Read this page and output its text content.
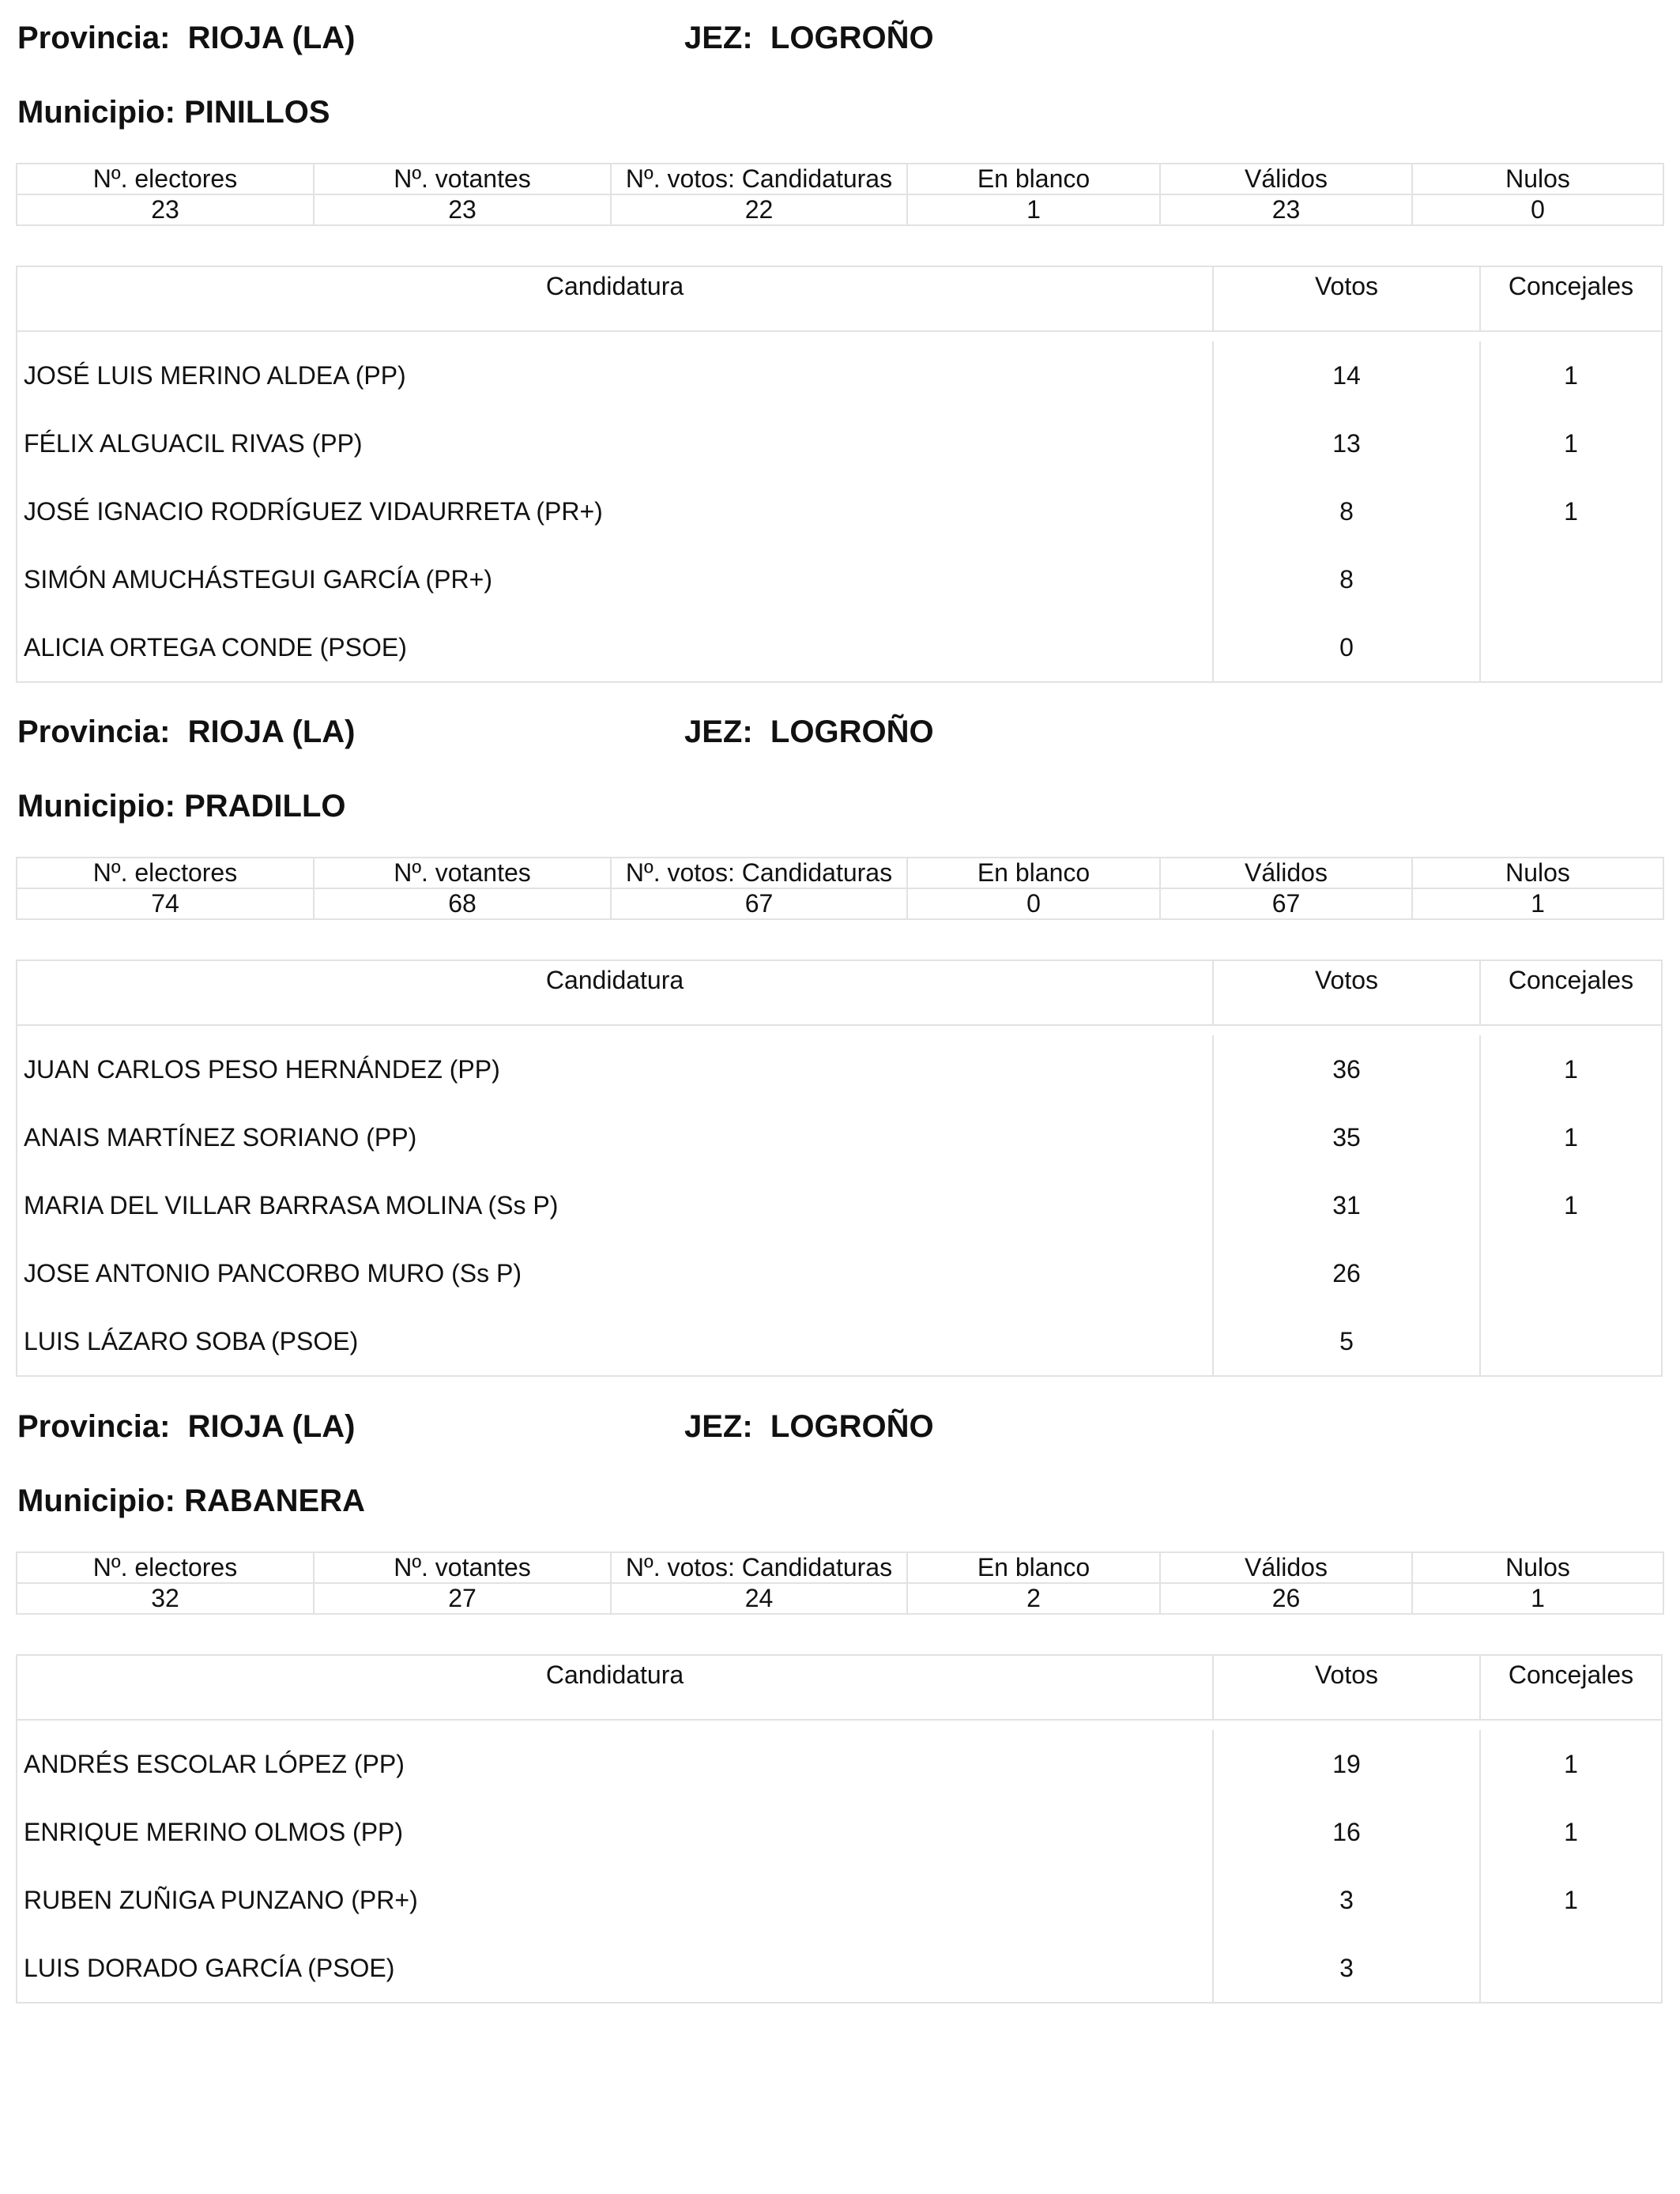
Provincia: RIOJA (LA)	JEZ: LOGROÑO
Municipio: PINILLOS
Nº. electores	Nº. votantes	Nº. votos: Candidaturas	En blanco	Válidos	Nulos
23	23	22	1	23	0
Candidatura	Votos	Concejales
JOSÉ LUIS MERINO ALDEA (PP)	14	1
FÉLIX ALGUACIL RIVAS (PP)	13	1
JOSÉ IGNACIO RODRÍGUEZ VIDAURRETA (PR+)	8	1
SIMÓN AMUCHÁSTEGUI GARCÍA (PR+)	8
ALICIA ORTEGA CONDE (PSOE)	0
Provincia: RIOJA (LA)	JEZ: LOGROÑO
Municipio: PRADILLO
Nº. electores	Nº. votantes	Nº. votos: Candidaturas	En blanco	Válidos	Nulos
74	68	67	0	67	1
Candidatura	Votos	Concejales
JUAN CARLOS PESO HERNÁNDEZ (PP)	36	1
ANAIS MARTÍNEZ SORIANO (PP)	35	1
MARIA DEL VILLAR BARRASA MOLINA (Ss P)	31	1
JOSE ANTONIO PANCORBO MURO (Ss P)	26
LUIS LÁZARO SOBA (PSOE)	5
Provincia: RIOJA (LA)	JEZ: LOGROÑO
Municipio: RABANERA
Nº. electores	Nº. votantes	Nº. votos: Candidaturas	En blanco	Válidos	Nulos
32	27	24	2	26	1
Candidatura	Votos	Concejales
ANDRÉS ESCOLAR LÓPEZ (PP)	19	1
ENRIQUE MERINO OLMOS (PP)	16	1
RUBEN ZUÑIGA PUNZANO (PR+)	3	1
LUIS DORADO GARCÍA (PSOE)	3
